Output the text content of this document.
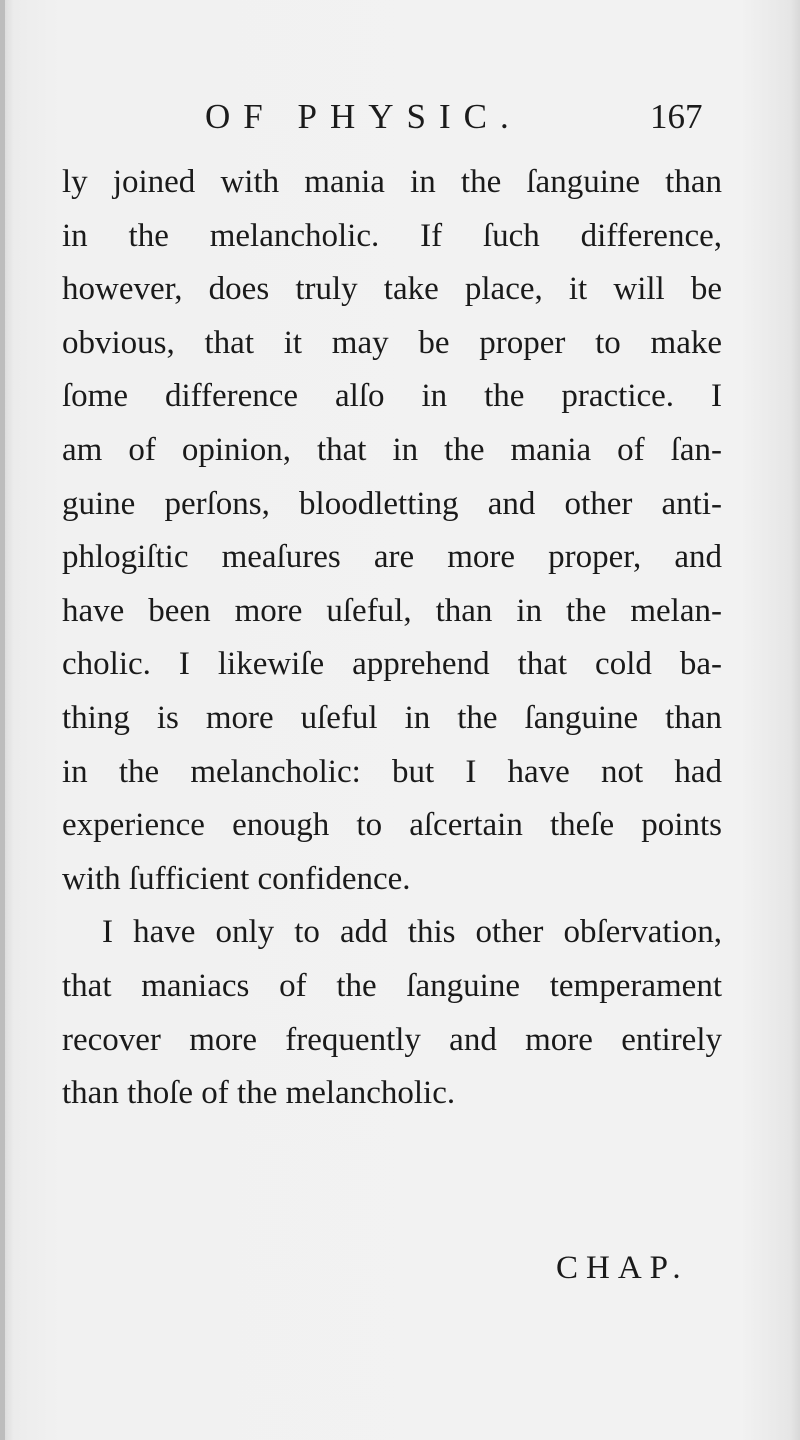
OF PHYSIC.	167
ly joined with mania in the ſanguine than
in the melancholic. If ſuch difference,
however, does truly take place, it will be
obvious, that it may be proper to make
ſome difference alſo in the practice. I
am of opinion, that in the mania of ſan-
guine perſons, bloodletting and other anti-
phlogiſtic meaſures are more proper, and
have been more uſeful, than in the melan-
cholic. I likewiſe apprehend that cold ba-
thing is more uſeful in the ſanguine than
in the melancholic: but I have not had
experience enough to aſcertain theſe points
with ſufficient confidence.
I have only to add this other obſervation,
that maniacs of the ſanguine temperament
recover more frequently and more entirely
than thoſe of the melancholic.
CHAP.
